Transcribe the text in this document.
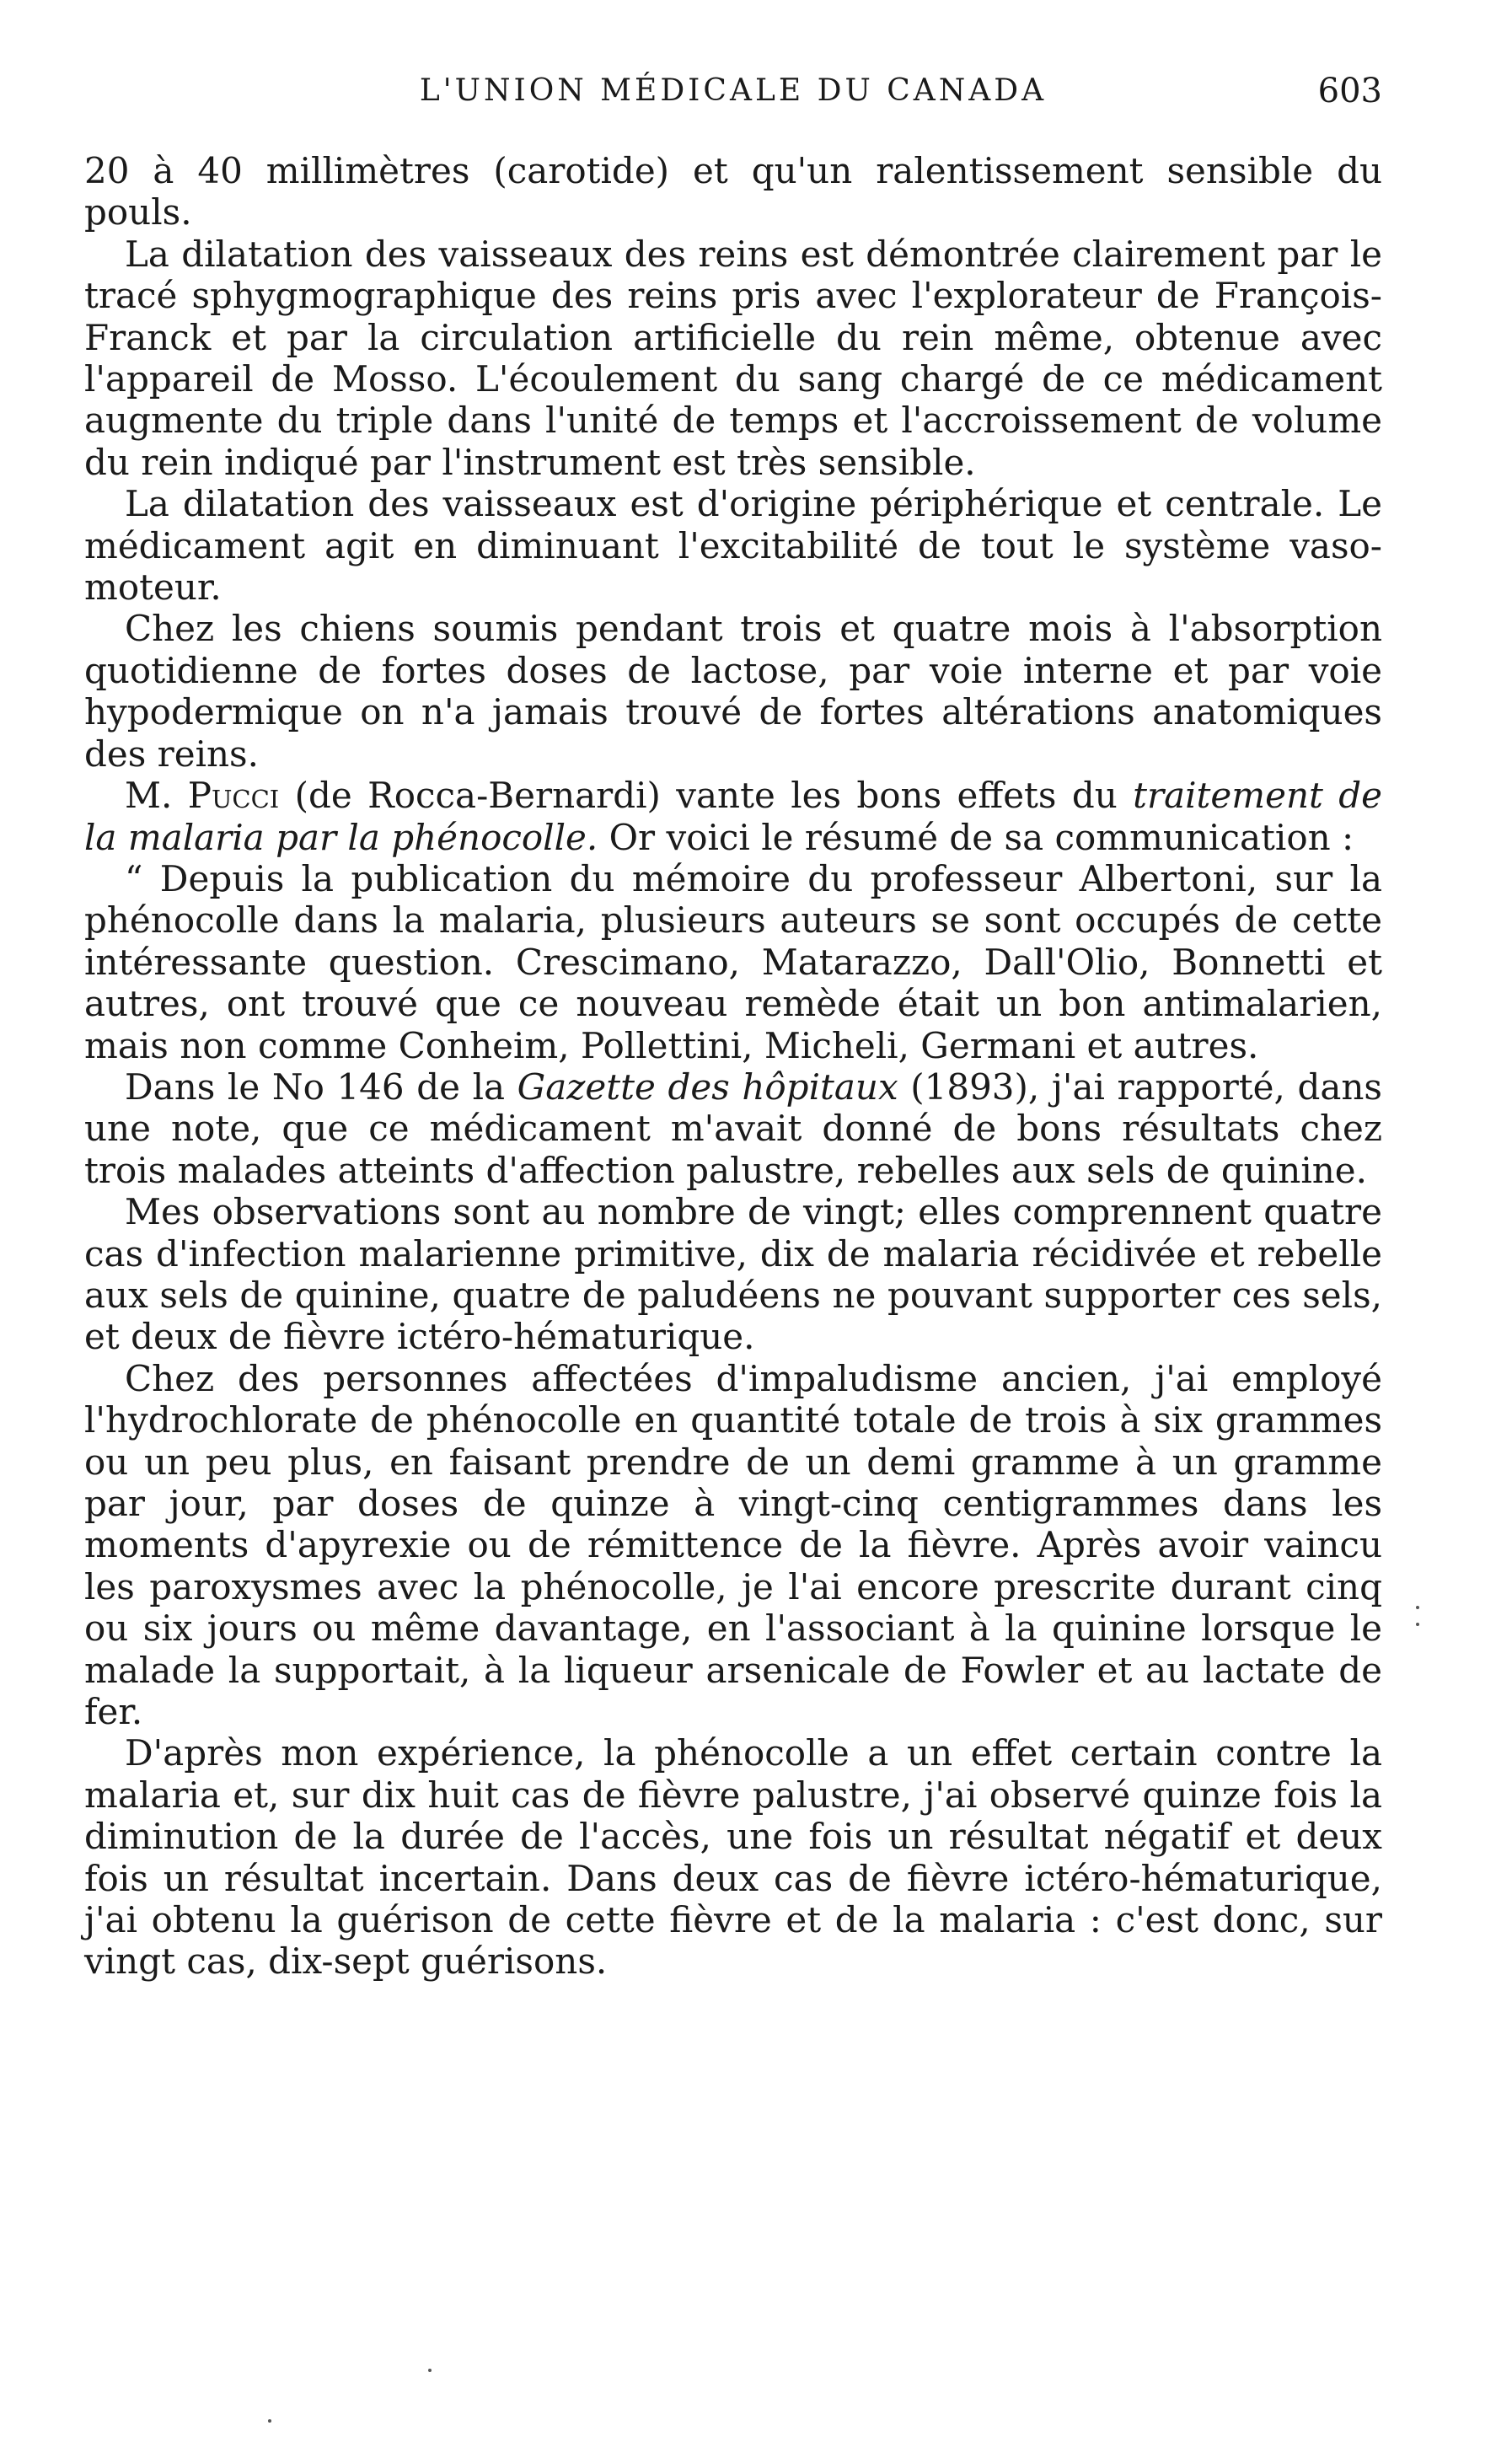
L'UNION MÉDICALE DU CANADA	603

20 à 40 millimètres (carotide) et qu'un ralentissement sensible du pouls.

La dilatation des vaisseaux des reins est démontrée clairement par le tracé sphygmographique des reins pris avec l'explorateur de François-Franck et par la circulation artificielle du rein même, obtenue avec l'appareil de Mosso. L'écoulement du sang chargé de ce médicament augmente du triple dans l'unité de temps et l'accroissement de volume du rein indiqué par l'instrument est très sensible.

La dilatation des vaisseaux est d'origine périphérique et centrale. Le médicament agit en diminuant l'excitabilité de tout le système vaso-moteur.

Chez les chiens soumis pendant trois et quatre mois à l'absorption quotidienne de fortes doses de lactose, par voie interne et par voie hypodermique on n'a jamais trouvé de fortes altérations anatomiques des reins.

M. Pucci (de Rocca-Bernardi) vante les bons effets du traitement de la malaria par la phénocolle. Or voici le résumé de sa communication :

“ Depuis la publication du mémoire du professeur Albertoni, sur la phénocolle dans la malaria, plusieurs auteurs se sont occupés de cette intéressante question. Crescimano, Matarazzo, Dall'Olio, Bonnetti et autres, ont trouvé que ce nouveau remède était un bon antimalarien, mais non comme Conheim, Pollettini, Micheli, Germani et autres.

Dans le No 146 de la Gazette des hôpitaux (1893), j'ai rapporté, dans une note, que ce médicament m'avait donné de bons résultats chez trois malades atteints d'affection palustre, rebelles aux sels de quinine.

Mes observations sont au nombre de vingt; elles comprennent quatre cas d'infection malarienne primitive, dix de malaria récidivée et rebelle aux sels de quinine, quatre de paludéens ne pouvant supporter ces sels, et deux de fièvre ictéro-hématurique.

Chez des personnes affectées d'impaludisme ancien, j'ai employé l'hydrochlorate de phénocolle en quantité totale de trois à six grammes ou un peu plus, en faisant prendre de un demi gramme à un gramme par jour, par doses de quinze à vingt-cinq centigrammes dans les moments d'apyrexie ou de rémittence de la fièvre. Après avoir vaincu les paroxysmes avec la phénocolle, je l'ai encore prescrite durant cinq ou six jours ou même davantage, en l'associant à la quinine lorsque le malade la supportait, à la liqueur arsenicale de Fowler et au lactate de fer.

D'après mon expérience, la phénocolle a un effet certain contre la malaria et, sur dix huit cas de fièvre palustre, j'ai observé quinze fois la diminution de la durée de l'accès, une fois un résultat négatif et deux fois un résultat incertain. Dans deux cas de fièvre ictéro-hématurique, j'ai obtenu la guérison de cette fièvre et de la malaria : c'est donc, sur vingt cas, dix-sept guérisons.
